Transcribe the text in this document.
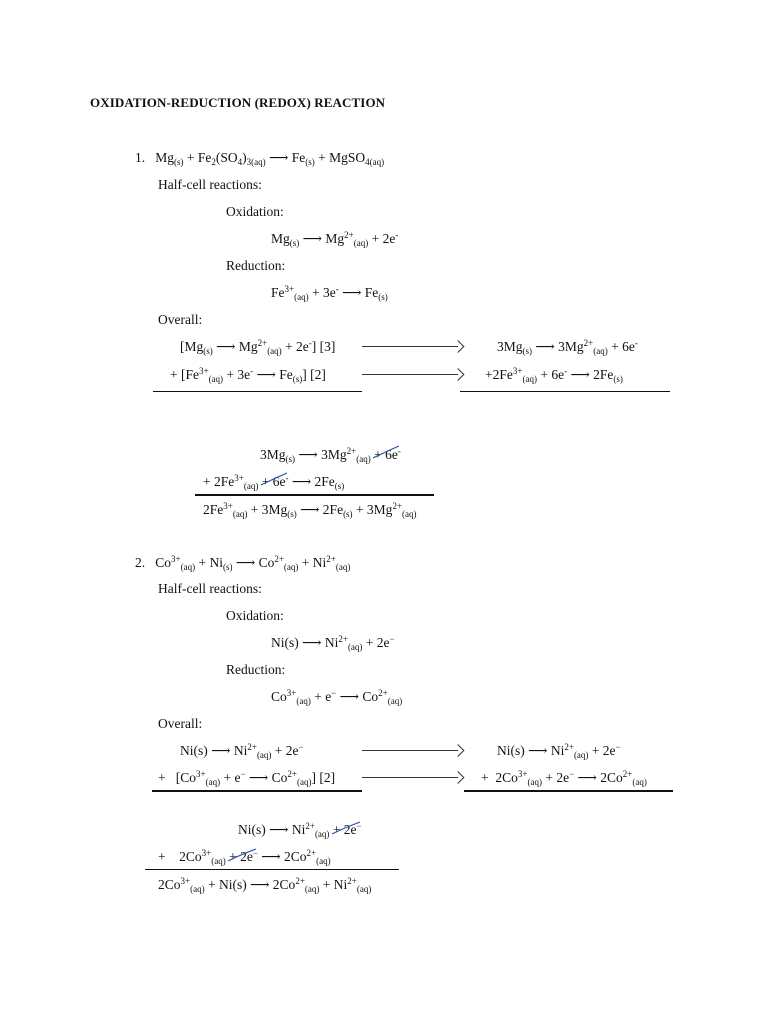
OXIDATION-REDUCTION (REDOX) REACTION
1.   $Mg_{(s)} + Fe_2(SO_4)_{3(aq)}$ ⟶ $Fe_{(s)}$ + MgSO$_{4(aq)}$
Half-cell reactions:
Oxidation:
$Mg_{(s)}$ ⟶ $Mg^{2+}_{(aq)} + 2e^-$
Reduction:
$Fe^{3+}_{(aq)} + 3e^-$ ⟶ $Fe_{(s)}$
Overall:
[$Mg_{(s)}$ ⟶ $Mg^{2+}_{(aq)} + 2e^-$] [3]	$3Mg_{(s)}$ ⟶ $3Mg^{2+}_{(aq)} + 6e^-$
+ [$Fe^{3+}_{(aq)} + 3e^-$ ⟶ $Fe_{(s)}$] [2]	$+2Fe^{3+}_{(aq)} + 6e^-$ ⟶ $2Fe_{(s)}$
$3Mg_{(s)}$ ⟶ $3Mg^{2+}_{(aq)} + 6e^-$
+ $2Fe^{3+}_{(aq)} + 6e^-$
⟶ $2Fe_{(s)}$
$2Fe^{3+}_{(aq)} + 3Mg_{(s)}$ ⟶ $2Fe_{(s)} + 3Mg^{2+}_{(aq)}$
2.   $Co^{3+}_{(aq)} + Ni_{(s)}$ ⟶ $Co^{2+}_{(aq)} + Ni^{2+}_{(aq)}$
Half-cell reactions:
Oxidation:
Ni(s) ⟶ $Ni^{2+}_{(aq)} + 2e^-$
Reduction:
$Co^{3+}_{(aq)} + e^-$ ⟶ $Co^{2+}_{(aq)}$
Overall:
Ni(s) ⟶ $Ni^{2+}_{(aq)} + 2e^-$	Ni(s) ⟶ $Ni^{2+}_{(aq)} + 2e^-$
+   [$Co^{3+}_{(aq)} + e^-$ ⟶ $Co^{2+}_{(aq)}$] [2]	+  $2Co^{3+}_{(aq)} + 2e^-$ ⟶ $2Co^{2+}_{(aq)}$
Ni(s) ⟶ $Ni^{2+}_{(aq)} + 2e^-$
+    $2Co^{3+}_{(aq)} + 2e^-$
⟶ $2Co^{2+}_{(aq)}$
$2Co^{3+}_{(aq)} + Ni(s)$ ⟶ $2Co^{2+}_{(aq)} + Ni^{2+}_{(aq)}$
